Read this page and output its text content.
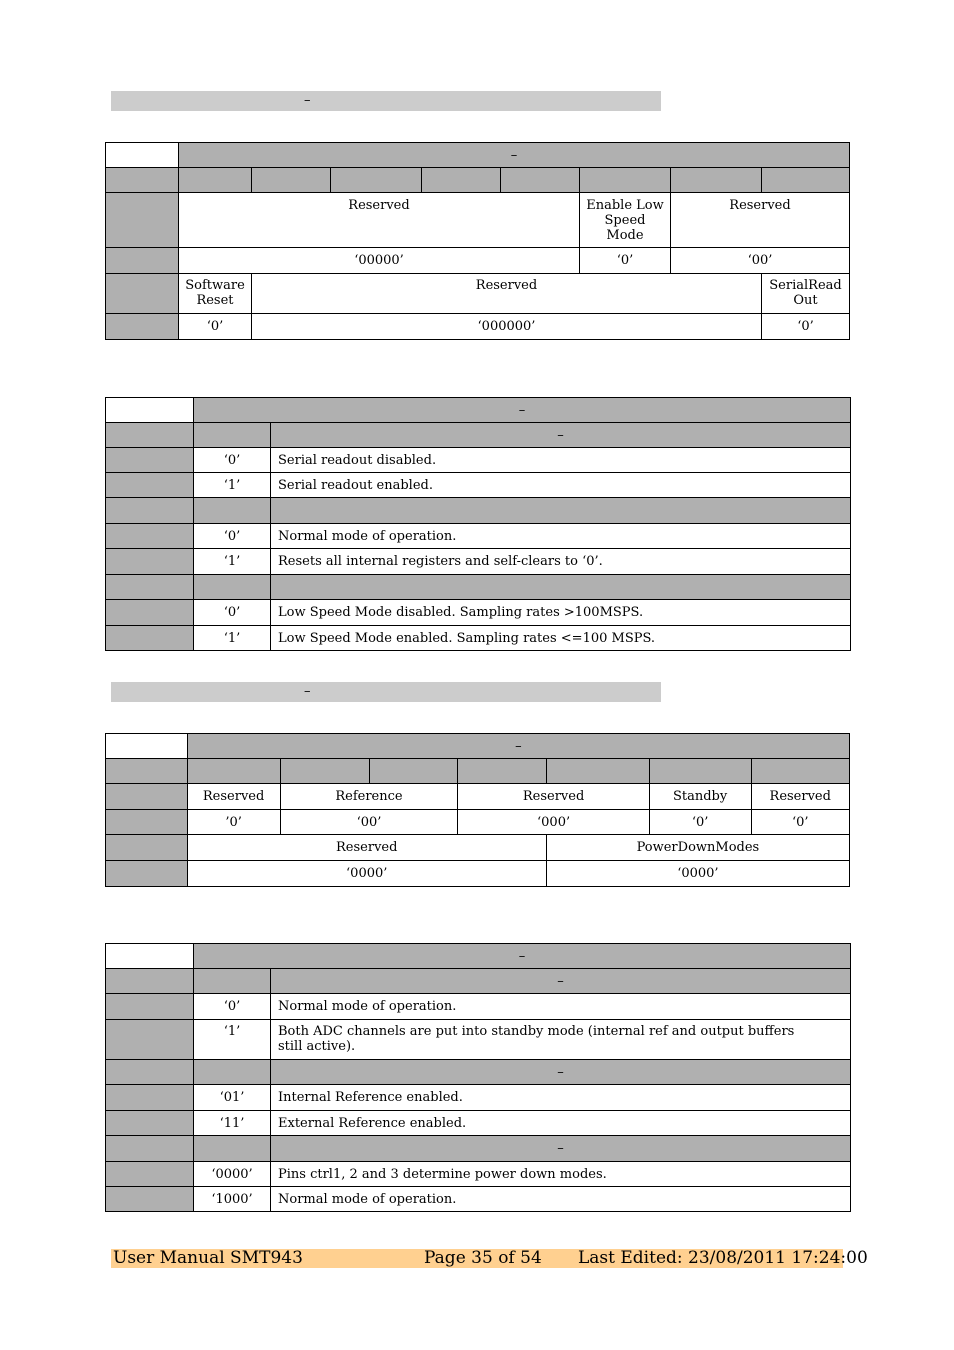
–
	–							

	Reserved					Enable Low Speed Mode	Reserved	
	‘00000’					‘0’	‘00’	
	Software Reset	Reserved						SerialRead Out
	‘0’	‘000000’						‘0’
	–	
		–
	‘0’	Serial readout disabled.
	‘1’	Serial readout enabled.

	‘0’	Normal mode of operation.
	‘1’	Resets all internal registers and self-clears to ‘0’.

	‘0’	Low Speed Mode disabled. Sampling rates >100MSPS.
	‘1’	Low Speed Mode enabled. Sampling rates <=100 MSPS.
–
	–						

	Reserved	Reference		Reserved		Standby	Reserved
	’0’	‘00’		‘000’		‘0’	‘0’
	Reserved				PowerDownModes		
	‘0000’				‘0000’		
	–	
		–
	‘0’	Normal mode of operation.
	‘1’	Both ADC channels are put into standby mode (internal ref and output buffers still active).
		–
	‘01’	Internal Reference enabled.
	‘11’	External Reference enabled.
		–
	‘0000’	Pins ctrl1, 2 and 3 determine power down modes.
	‘1000’	Normal mode of operation.
User Manual SMT943	Page 35 of 54 Last Edited: 23/08/2011 17:24:00
